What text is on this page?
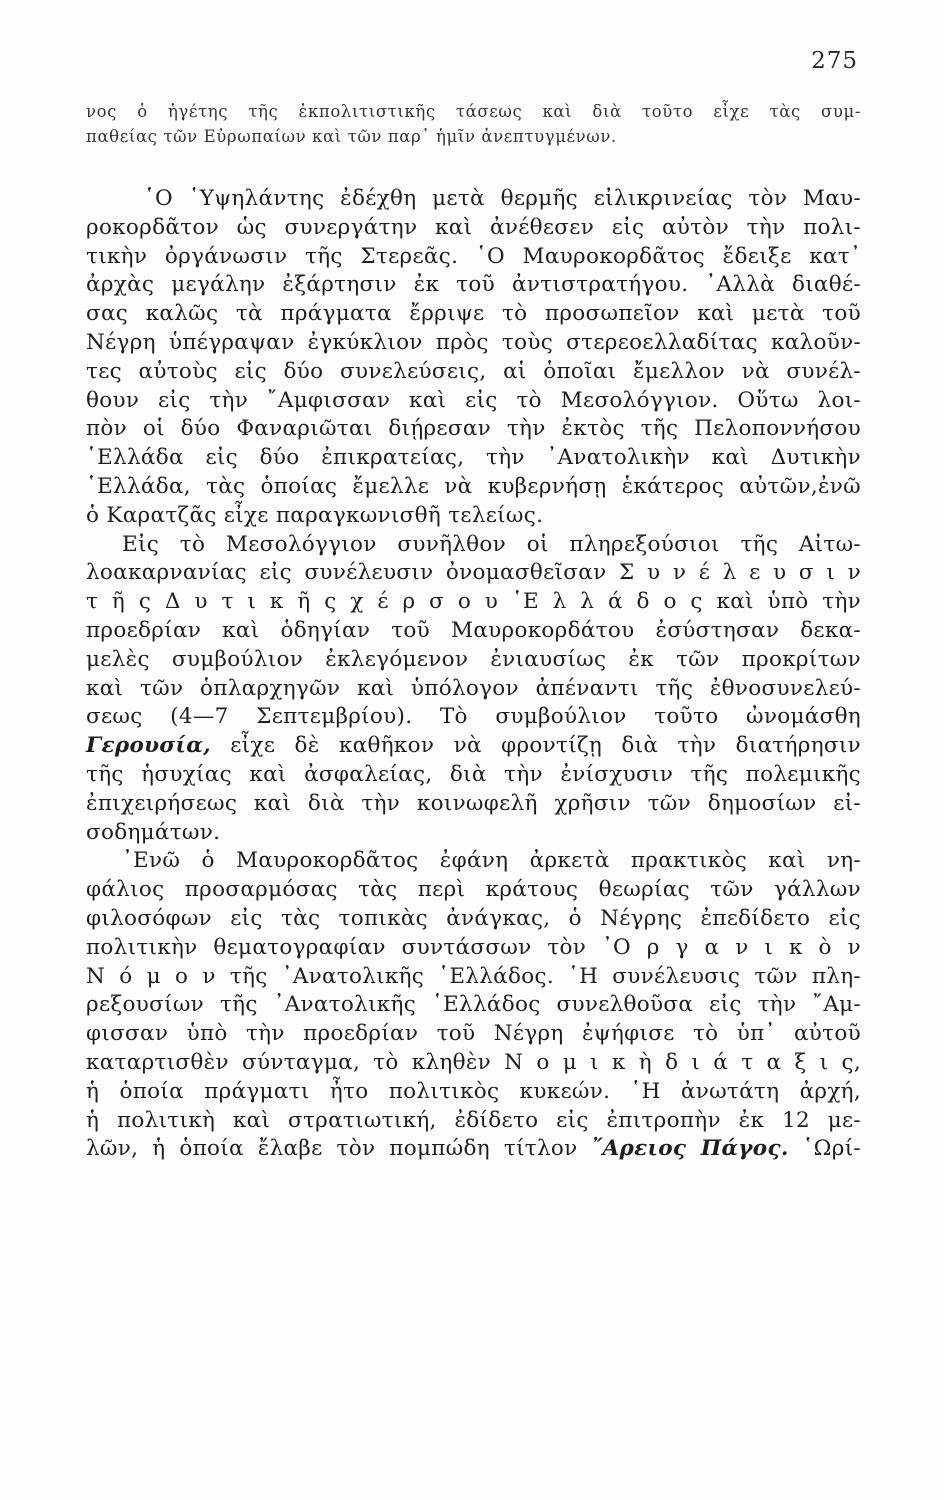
275
νος ὁ ἡγέτης τῆς ἐκπολιτιστικῆς τάσεως καὶ διὰ τοῦτο εἶχε τὰς συμ-
παθείας τῶν Εὐρωπαίων καὶ τῶν παρ᾽ ἡμῖν ἀνεπτυγμένων.
῾Ο ῾Υψηλάντης ἐδέχθη μετὰ θερμῆς εἰλικρινείας τὸν Μαυ-
ροκορδᾶτον ὡς συνεργάτην καὶ ἀνέθεσεν εἰς αὐτὸν τὴν πολι-
τικὴν ὀργάνωσιν τῆς Στερεᾶς. ῾Ο Μαυροκορδᾶτος ἔδειξε κατ᾽
ἀρχὰς μεγάλην ἐξάρτησιν ἐκ τοῦ ἀντιστρατήγου. ᾽Αλλὰ διαθέ-
σας καλῶς τὰ πράγματα ἔρριψε τὸ προσωπεῖον καὶ μετὰ τοῦ
Νέγρη ὑπέγραψαν ἐγκύκλιον πρὸς τοὺς στερεοελλαδίτας καλοῦν-
τες αὐτοὺς εἰς δύο συνελεύσεις, αἱ ὁποῖαι ἔμελλον νὰ συνέλ-
θουν εἰς τὴν ῎Αμφισσαν καὶ εἰς τὸ Μεσολόγγιον. Οὕτω λοι-
πὸν οἱ δύο Φαναριῶται διῄρεσαν τὴν ἐκτὸς τῆς Πελοποννήσου
῾Ελλάδα εἰς δύο ἐπικρατείας, τὴν ᾽Ανατολικὴν καὶ Δυτικὴν
῾Ελλάδα, τὰς ὁποίας ἔμελλε νὰ κυβερνήσῃ ἑκάτερος αὐτῶν,ἐνῶ
ὁ Καρατζᾶς εἶχε παραγκωνισθῆ τελείως.
Εἰς τὸ Μεσολόγγιον συνῆλθον οἱ πληρεξούσιοι τῆς Αἰτω-
λοακαρνανίας εἰς συνέλευσιν ὀνομασθεῖσαν Σ υ ν έ λ ε υ σ ι ν
τ ῆ ς Δ υ τ ι κ ῆ ς χ έ ρ σ ο υ ῾Ε λ λ ά δ ο ς καὶ ὑπὸ τὴν
προεδρίαν καὶ ὁδηγίαν τοῦ Μαυροκορδάτου ἐσύστησαν δεκα-
μελὲς συμβούλιον ἐκλεγόμενον ἐνιαυσίως ἐκ τῶν προκρίτων
καὶ τῶν ὁπλαρχηγῶν καὶ ὑπόλογον ἀπέναντι τῆς ἐθνοσυνελεύ-
σεως (4—7 Σεπτεμβρίου). Τὸ συμβούλιον τοῦτο ὠνομάσθη
Γερουσία, εἶχε δὲ καθῆκον νὰ φροντίζῃ διὰ τὴν διατήρησιν
τῆς ἡσυχίας καὶ ἀσφαλείας, διὰ τὴν ἐνίσχυσιν τῆς πολεμικῆς
ἐπιχειρήσεως καὶ διὰ τὴν κοινωφελῆ χρῆσιν τῶν δημοσίων εἰ-
σοδημάτων.
᾽Ενῶ ὁ Μαυροκορδᾶτος ἐφάνη ἀρκετὰ πρακτικὸς καὶ νη-
φάλιος προσαρμόσας τὰς περὶ κράτους θεωρίας τῶν γάλλων
φιλοσόφων εἰς τὰς τοπικὰς ἀνάγκας, ὁ Νέγρης ἐπεδίδετο εἰς
πολιτικὴν θεματογραφίαν συντάσσων τὸν ᾽Ο ρ γ α ν ι κ ὸ ν
Ν ό μ ο ν τῆς ᾽Ανατολικῆς ῾Ελλάδος. ῾Η συνέλευσις τῶν πλη-
ρεξουσίων τῆς ᾽Ανατολικῆς ῾Ελλάδος συνελθοῦσα εἰς τὴν ῎Αμ-
φισσαν ὑπὸ τὴν προεδρίαν τοῦ Νέγρη ἐψήφισε τὸ ὑπ᾽ αὐτοῦ
καταρτισθὲν σύνταγμα, τὸ κληθὲν Ν ο μ ι κ ὴ δ ι ά τ α ξ ι ς,
ἡ ὁποία πράγματι ἦτο πολιτικὸς κυκεών. ῾Η ἀνωτάτη ἀρχή,
ἡ πολιτικὴ καὶ στρατιωτική, ἐδίδετο εἰς ἐπιτροπὴν ἐκ 12 με-
λῶν, ἡ ὁποία ἔλαβε τὸν πομπώδη τίτλον ῎Αρειος Πάγος. ῾Ωρί-
